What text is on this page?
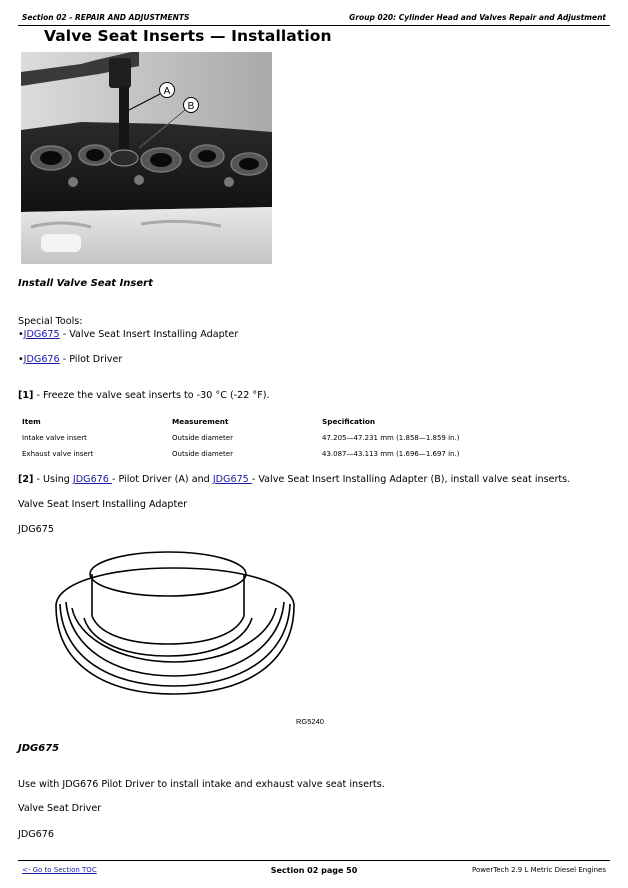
Section 02 - REPAIR AND ADJUSTMENTS	Group 020: Cylinder Head and Valves Repair and Adjustment
Valve Seat Inserts — Installation
A
B
Install Valve Seat Insert
Special Tools:
•JDG675 - Valve Seat Insert Installing Adapter
•JDG676 - Pilot Driver
[1] - Freeze the valve seat inserts to -30 °C (-22 °F).
Item	Measurement	Specification
Intake valve insert	Outside diameter	47.205—47.231 mm (1.858—1.859 in.)
Exhaust valve insert	Outside diameter	43.087—43.113 mm (1.696—1.697 in.)
[2] - Using JDG676 - Pilot Driver (A) and JDG675 - Valve Seat Insert Installing Adapter (B), install valve seat inserts.
Valve Seat Insert Installing Adapter
JDG675
RG5240
JDG675
Use with JDG676 Pilot Driver to install intake and exhaust valve seat inserts.
Valve Seat Driver
JDG676
<- Go to Section TOC	Section 02 page 50	PowerTech 2.9 L Metric Diesel Engines
